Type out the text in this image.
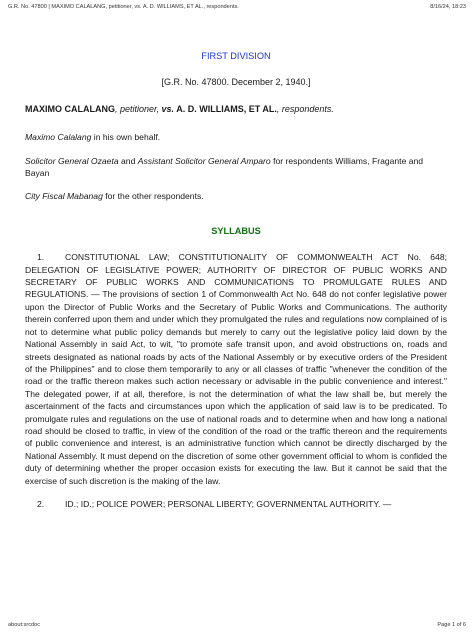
G.R. No. 47800 | MAXIMO CALALANG, petitioner, vs. A. D. WILLIAMS, ET AL., respondents.	8/16/24, 18:23
FIRST DIVISION
[G.R. No. 47800. December 2, 1940.]
MAXIMO CALALANG, petitioner, vs. A. D. WILLIAMS, ET AL., respondents.
Maximo Calalang in his own behalf.
Solicitor General Ozaeta and Assistant Solicitor General Amparo for respondents Williams, Fragante and Bayan
City Fiscal Mabanag for the other respondents.
SYLLABUS
1. CONSTITUTIONAL LAW; CONSTITUTIONALITY OF COMMONWEALTH ACT No. 648; DELEGATION OF LEGISLATIVE POWER; AUTHORITY OF DIRECTOR OF PUBLIC WORKS AND SECRETARY OF PUBLIC WORKS AND COMMUNICATIONS TO PROMULGATE RULES AND REGULATIONS. — The provisions of section 1 of Commonwealth Act No. 648 do not confer legislative power upon the Director of Public Works and the Secretary of Public Works and Communications. The authority therein conferred upon them and under which they promulgated the rules and regulations now complained of is not to determine what public policy demands but merely to carry out the legislative policy laid down by the National Assembly in said Act, to wit, "to promote safe transit upon, and avoid obstructions on, roads and streets designated as national roads by acts of the National Assembly or by executive orders of the President of the Philippines" and to close them temporarily to any or all classes of traffic "whenever the condition of the road or the traffic thereon makes such action necessary or advisable in the public convenience and interest." The delegated power, if at all, therefore, is not the determination of what the law shall be, but merely the ascertainment of the facts and circumstances upon which the application of said law is to be predicated. To promulgate rules and regulations on the use of national roads and to determine when and how long a national road should be closed to traffic, in view of the condition of the road or the traffic thereon and the requirements of public convenience and interest, is an administrative function which cannot be directly discharged by the National Assembly. It must depend on the discretion of some other government official to whom is confided the duty of determining whether the proper occasion exists for executing the law. But it cannot be said that the exercise of such discretion is the making of the law.
2. ID.; ID.; POLICE POWER; PERSONAL LIBERTY; GOVERNMENTAL AUTHORITY. —
about:srcdoc	Page 1 of 6
